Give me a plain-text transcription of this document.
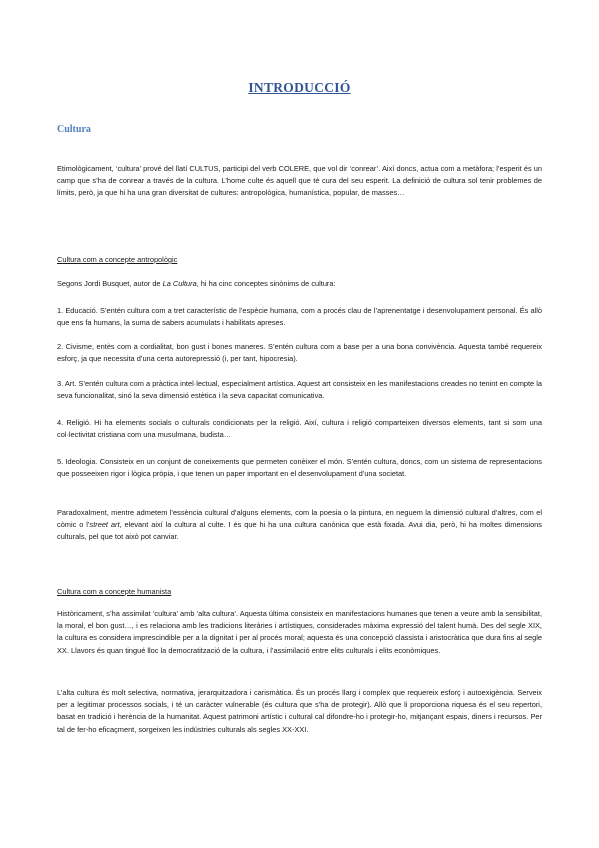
INTRODUCCIÓ
Cultura
Etimològicament, ‘cultura’ prové del llatí CULTUS, participi del verb COLERE, que vol dir ‘conrear’. Així doncs, actua com a metàfora; l’esperit és un camp que s’ha de conrear a través de la cultura. L’home culte és aquell que té cura del seu esperit. La definició de cultura sol tenir problemes de límits, però, ja que hi ha una gran diversitat de cultures: antropològica, humanística, popular, de masses…
Cultura com a concepte antropològic
Segons Jordi Busquet, autor de La Cultura, hi ha cinc conceptes sinònims de cultura:
1. Educació. S’entén cultura com a tret característic de l’espècie humana, com a procés clau de l’aprenentatge i desenvolupament personal. És allò que ens fa humans, la suma de sabers acumulats i habilitats apreses.
2. Civisme, entès com a cordialitat, bon gust i bones maneres. S’entén cultura com a base per a una bona convivència. Aquesta també requereix esforç, ja que necessita d’una certa autorepressió (i, per tant, hipocresia).
3. Art. S’entén cultura com a pràctica intel·lectual, especialment artística. Aquest art consisteix en les manifestacions creades no tenint en compte la seva funcionalitat, sinó la seva dimensió estètica i la seva capacitat comunicativa.
4. Religió. Hi ha elements socials o culturals condicionats per la religió. Així, cultura i religió comparteixen diversos elements, tant si som una col·lectivitat cristiana com una musulmana, budista…
5. Ideologia. Consisteix en un conjunt de coneixements que permeten conèixer el món. S’entén cultura, doncs, com un sistema de representacions que posseeixen rigor i lògica pròpia, i que tenen un paper important en el desenvolupament d’una societat.
Paradoxalment, mentre admetem l’essència cultural d’alguns elements, com la poesia o la pintura, en neguem la dimensió cultural d’altres, com el còmic o l’street art, elevant així la cultura al culte. I és que hi ha una cultura canònica que està fixada. Avui dia, però, hi ha moltes dimensions culturals, pel que tot això pot canviar.
Cultura com a concepte humanista
Històricament, s’ha assimilat ‘cultura’ amb ‘alta cultura’. Aquesta última consisteix en manifestacions humanes que tenen a veure amb la sensibilitat, la moral, el bon gust…, i es relaciona amb les tradicions literàries i artístiques, considerades màxima expressió del talent humà. Des del segle XIX, la cultura es considera imprescindible per a la dignitat i per al procés moral; aquesta és una concepció classista i aristocràtica que dura fins al segle XX. Llavors és quan tingué lloc la democratització de la cultura, i l’assimilació entre elits culturals i elits econòmiques.
L’alta cultura és molt selectiva, normativa, jerarquitzadora i carismàtica. És un procés llarg i complex que requereix esforç i autoexigència. Serveix per a legitimar processos socials, i té un caràcter vulnerable (és cultura que s’ha de protegir). Allò que li proporciona riquesa és el seu repertori, basat en tradició i herència de la humanitat. Aquest patrimoni artístic i cultural cal difondre-ho i protegir-ho, mitjançant espais, diners i recursos. Per tal de fer-ho eficaçment, sorgeixen les indústries culturals als segles XX-XXI.
